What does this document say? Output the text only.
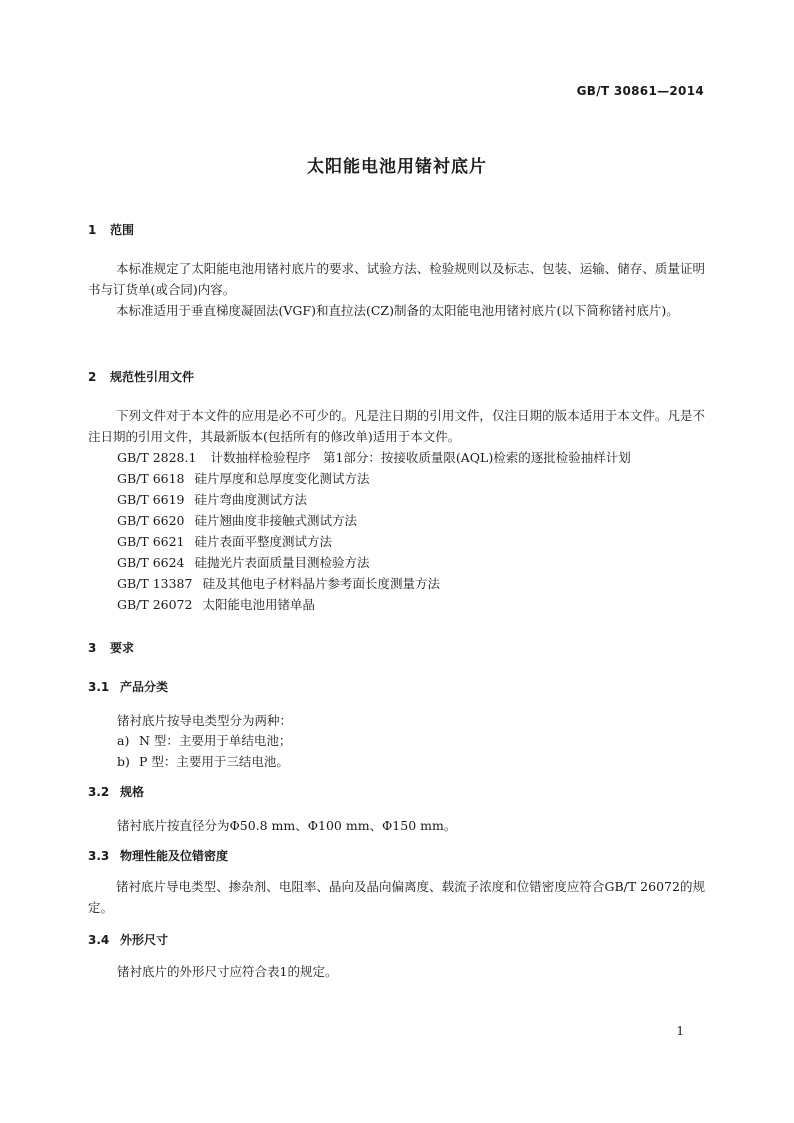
GB/T 30861—2014
太阳能电池用锗衬底片
1 范围

本标准规定了太阳能电池用锗衬底片的要求、试验方法、检验规则以及标志、包装、运输、储存、质量证明书与订货单(或合同)内容。

本标准适用于垂直梯度凝固法(VGF)和直拉法(CZ)制备的太阳能电池用锗衬底片(以下简称锗衬底片)。

2 规范性引用文件

下列文件对于本文件的应用是必不可少的。凡是注日期的引用文件，仅注日期的版本适用于本文件。凡是不注日期的引用文件，其最新版本(包括所有的修改单)适用于本文件。

GB/T 2828.1 计数抽样检验程序　第1部分：按接收质量限(AQL)检索的逐批检验抽样计划
GB/T 6618 硅片厚度和总厚度变化测试方法
GB/T 6619 硅片弯曲度测试方法
GB/T 6620 硅片翘曲度非接触式测试方法
GB/T 6621 硅片表面平整度测试方法
GB/T 6624 硅抛光片表面质量目测检验方法
GB/T 13387 硅及其他电子材料晶片参考面长度测量方法
GB/T 26072 太阳能电池用锗单晶
3 要求
3.1 产品分类
锗衬底片按导电类型分为两种：
a) N 型：主要用于单结电池；
b) P 型：主要用于三结电池。
3.2 规格
锗衬底片按直径分为Φ50.8 mm、Φ100 mm、Φ150 mm。
3.3 物理性能及位错密度

锗衬底片导电类型、掺杂剂、电阻率、晶向及晶向偏离度、载流子浓度和位错密度应符合GB/T 26072的规定。

3.4 外形尺寸
锗衬底片的外形尺寸应符合表1的规定。
1
